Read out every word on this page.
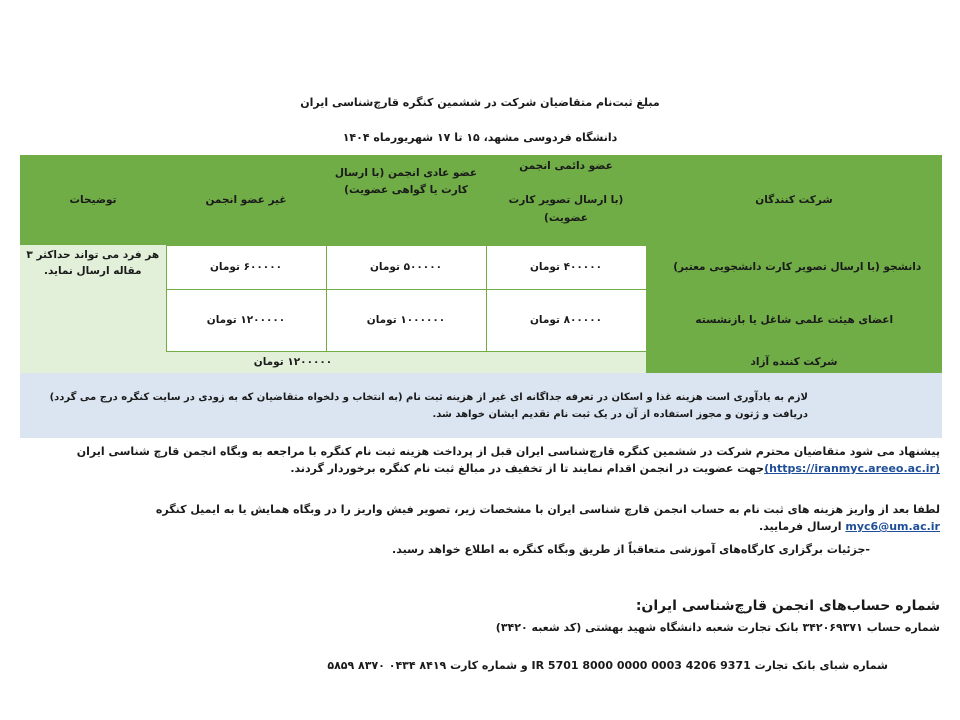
مبلغ ثبت‌نام متقاضیان شرکت در ششمین کنگره قارچ‌شناسی ایران
دانشگاه فردوسی مشهد، ۱۵ تا ۱۷ شهریورماه ۱۴۰۴
شرکت کنندگان	عضو دائمی انجمن
(با ارسال تصویر کارت عضویت)		عضو عادی انجمن (با ارسال کارت یا گواهی عضویت)	غیر عضو انجمن	توضیحات
دانشجو (با ارسال تصویر کارت دانشجویی معتبر)	۴۰۰۰۰۰ تومان		۵۰۰۰۰۰ تومان	۶۰۰۰۰۰ تومان	هر فرد می تواند حداکثر ۳ مقاله ارسال نماید.
اعضای هیئت علمی شاغل یا بازنشسته	۸۰۰۰۰۰ تومان		۱۰۰۰۰۰۰ تومان	۱۲۰۰۰۰۰ تومان	
شرکت کننده آزاد		۱۲۰۰۰۰۰ تومان			
لازم به یادآوری است هزینه غذا و اسکان در تعرفه جداگانه ای غیر از هزینه ثبت نام (به انتخاب و دلخواه متقاضیان که به زودی در سایت کنگره درج می گردد) دریافت و ژتون و مجوز استفاده از آن در یک ثبت نام تقدیم ایشان خواهد شد.					
پیشنهاد می شود متقاضیان محترم شرکت در ششمین کنگره قارچ‌شناسی ایران قبل از پرداخت هزینه ثبت نام کنگره با مراجعه به وبگاه انجمن قارچ شناسی ایران (https://iranmyc.areeo.ac.ir)جهت عضویت در انجمن اقدام نمایند تا از تخفیف در مبالغ ثبت نام کنگره برخوردار گردند.
لطفا بعد از واریز هزینه های ثبت نام به حساب انجمن قارچ شناسی ایران با مشخصات زیر، تصویر فیش واریز را در وبگاه همایش یا به ایمیل کنگره myc6@um.ac.ir ارسال فرمایید.
-جزئیات برگزاری کارگاه‌های آموزشی متعاقباً از طریق وبگاه کنگره به اطلاع خواهد رسید.
شماره حساب‌های انجمن قارچ‌شناسی ایران:
شماره حساب ۳۴۲۰۶۹۳۷۱ بانک تجارت شعبه دانشگاه شهید بهشتی (کد شعبه ۳۴۲۰)
شماره شبای بانک تجارت IR 5701 8000 0000 0003 4206 9371 و شماره کارت ۵۸۵۹ ۸۳۷۰ ۰۴۳۴ ۸۴۱۹
